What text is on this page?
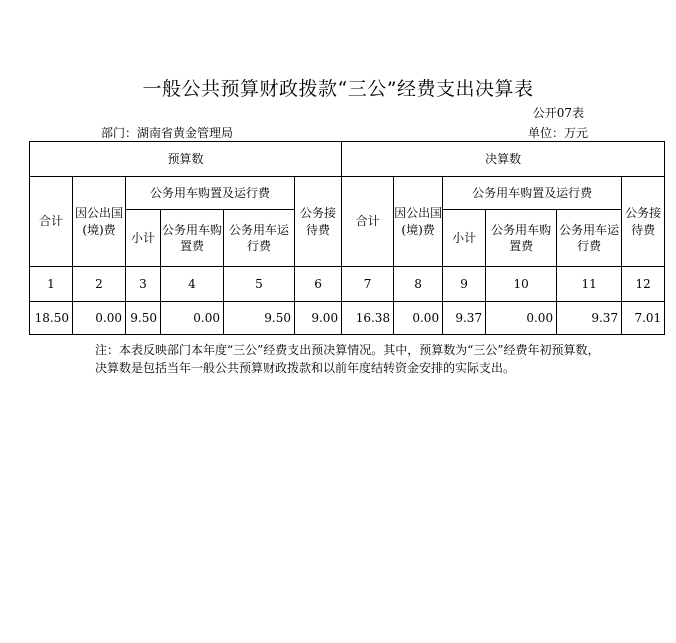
一般公共预算财政拨款“三公”经费支出决算表
公开07表
部门：湖南省黄金管理局	单位：万元
预算数						决算数					
合计	因公出国(境)费	公务用车购置及运行费			公务接待费	合计	因公出国(境)费	公务用车购置及运行费			公务接待费
		小计	公务用车购置费	公务用车运行费				小计	公务用车购置费	公务用车运行费	
1	2	3	4	5	6	7	8	9	10	11	12
18.50	0.00	9.50	0.00	9.50	9.00	16.38	0.00	9.37	0.00	9.37	7.01
注：本表反映部门本年度“三公”经费支出预决算情况。其中，预算数为“三公”经费年初预算数，决算数是包括当年一般公共预算财政拨款和以前年度结转资金安排的实际支出。
